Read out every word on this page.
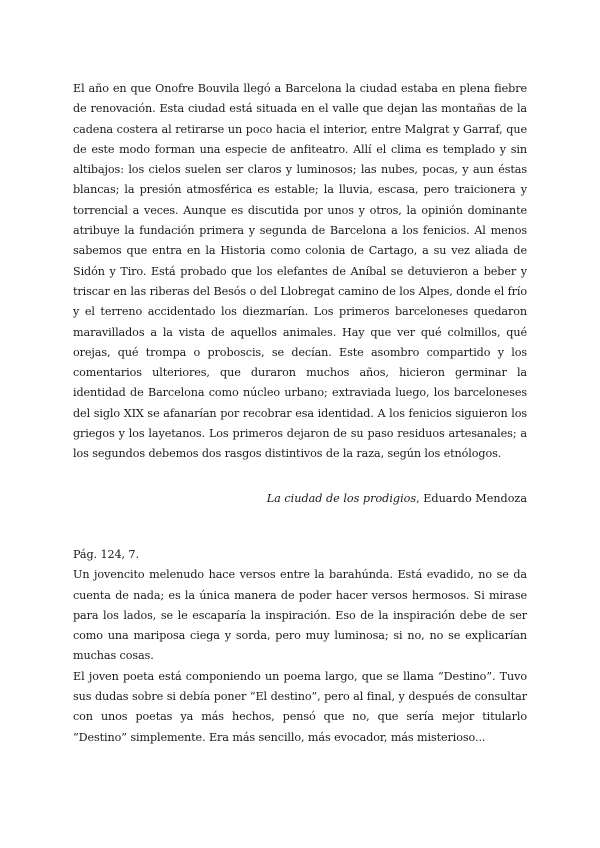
El año en que Onofre Bouvila llegó a Barcelona la ciudad estaba en plena fiebre de renovación. Esta ciudad está situada en el valle que dejan las montañas de la cadena costera al retirarse un poco hacia el interior, entre Malgrat y Garraf, que de este modo forman una especie de anfiteatro. Allí el clima es templado y sin altibajos: los cielos suelen ser claros y luminosos; las nubes, pocas, y aun éstas blancas; la presión atmosférica es estable; la lluvia, escasa, pero traicionera y torrencial a veces. Aunque es discutida por unos y otros, la opinión dominante atribuye la fundación primera y segunda de Barcelona a los fenicios. Al menos sabemos que entra en la Historia como colonia de Cartago, a su vez aliada de Sidón y Tiro. Está probado que los elefantes de Aníbal se detuvieron a beber y triscar en las riberas del Besós o del Llobregat camino de los Alpes, donde el frío y el terreno accidentado los diezmarían. Los primeros barceloneses quedaron maravillados a la vista de aquellos animales. Hay que ver qué colmillos, qué orejas, qué trompa o proboscis, se decían. Este asombro compartido y los comentarios ulteriores, que duraron muchos años, hicieron germinar la identidad de Barcelona como núcleo urbano; extraviada luego, los barceloneses del siglo XIX se afanarían por recobrar esa identidad. A los fenicios siguieron los griegos y los layetanos. Los primeros dejaron de su paso residuos artesanales; a los segundos debemos dos rasgos distintivos de la raza, según los etnólogos.
La ciudad de los prodigios, Eduardo Mendoza

Pág. 124, 7.

Un jovencito melenudo hace versos entre la barahúnda. Está evadido, no se da cuenta de nada; es la única manera de poder hacer versos hermosos. Si mirase para los lados, se le escaparía la inspiración. Eso de la inspiración debe de ser como una mariposa ciega y sorda, pero muy luminosa; si no, no se explicarían muchas cosas.

El joven poeta está componiendo un poema largo, que se llama “Destino”. Tuvo sus dudas sobre si debía poner “El destino”, pero al final, y después de consultar con unos poetas ya más hechos, pensó que no, que sería mejor titularlo “Destino” simplemente. Era más sencillo, más evocador, más misterioso...
